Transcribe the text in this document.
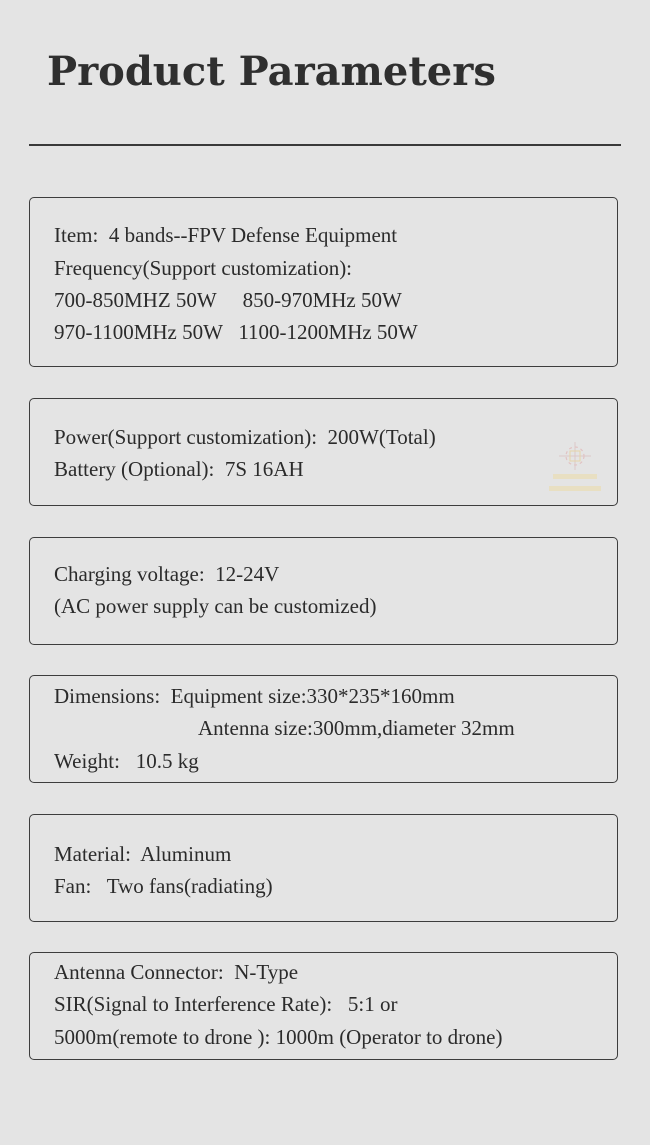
Product Parameters
Item:  4 bands--FPV Defense Equipment
Frequency(Support customization):
700-850MHZ 50W     850-970MHz 50W
970-1100MHz 50W   1100-1200MHz 50W
Power(Support customization):  200W(Total)
Battery (Optional):  7S 16AH
Charging voltage:  12-24V
(AC power supply can be customized)
Dimensions:  Equipment size:330*235*160mm
Antenna size:300mm,diameter 32mm
Weight:   10.5 kg
Material:  Aluminum
Fan:   Two fans(radiating)
Antenna Connector:  N-Type
SIR(Signal to Interference Rate):   5:1 or
5000m(remote to drone ): 1000m (Operator to drone)
